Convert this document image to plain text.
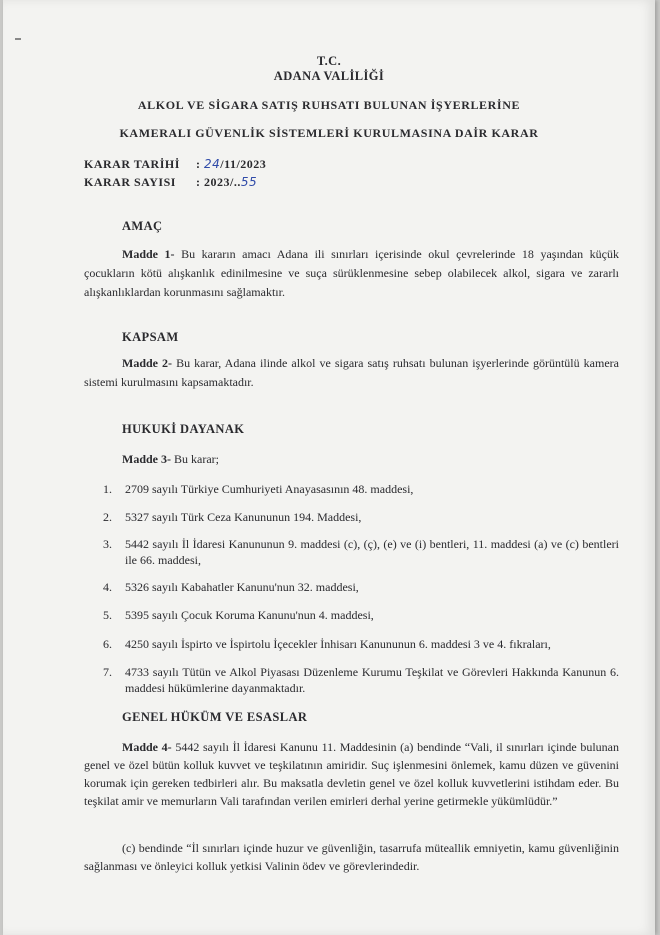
T.C.
ADANA VALİLİĞİ
ALKOL VE SİGARA SATIŞ RUHSATI BULUNAN İŞYERLERİNE
KAMERALI GÜVENLİK SİSTEMLERİ KURULMASINA DAİR KARAR
KARAR TARİHİ : 24/11/2023
KARAR SAYISI : 2023/..55
AMAÇ
Madde 1- Bu kararın amacı Adana ili sınırları içerisinde okul çevrelerinde 18 yaşından küçük çocukların kötü alışkanlık edinilmesine ve suça sürüklenmesine sebep olabilecek alkol, sigara ve zararlı alışkanlıklardan korunmasını sağlamaktır.
KAPSAM
Madde 2- Bu karar, Adana ilinde alkol ve sigara satış ruhsatı bulunan işyerlerinde görüntülü kamera sistemi kurulmasını kapsamaktadır.
HUKUKİ DAYANAK
Madde 3- Bu karar;
1.	2709 sayılı Türkiye Cumhuriyeti Anayasasının 48. maddesi,
2.	5327 sayılı Türk Ceza Kanununun 194. Maddesi,
3.	5442 sayılı İl İdaresi Kanununun 9. maddesi (c), (ç), (e) ve (i) bentleri, 11. maddesi (a) ve (c) bentleri ile 66. maddesi,
4.	5326 sayılı Kabahatler Kanunu'nun 32. maddesi,
5.	5395 sayılı Çocuk Koruma Kanunu'nun 4. maddesi,
6.	4250 sayılı İspirto ve İspirtolu İçecekler İnhisarı Kanununun 6. maddesi 3 ve 4. fıkraları,
7.	4733 sayılı Tütün ve Alkol Piyasası Düzenleme Kurumu Teşkilat ve Görevleri Hakkında Kanunun 6. maddesi hükümlerine dayanmaktadır.
GENEL HÜKÜM VE ESASLAR
Madde 4- 5442 sayılı İl İdaresi Kanunu 11. Maddesinin (a) bendinde “Vali, il sınırları içinde bulunan genel ve özel bütün kolluk kuvvet ve teşkilatının amiridir. Suç işlenmesini önlemek, kamu düzen ve güvenini korumak için gereken tedbirleri alır. Bu maksatla devletin genel ve özel kolluk kuvvetlerini istihdam eder. Bu teşkilat amir ve memurların Vali tarafından verilen emirleri derhal yerine getirmekle yükümlüdür.”
(c) bendinde “İl sınırları içinde huzur ve güvenliğin, tasarrufa müteallik emniyetin, kamu güvenliğinin sağlanması ve önleyici kolluk yetkisi Valinin ödev ve görevlerindedir.
